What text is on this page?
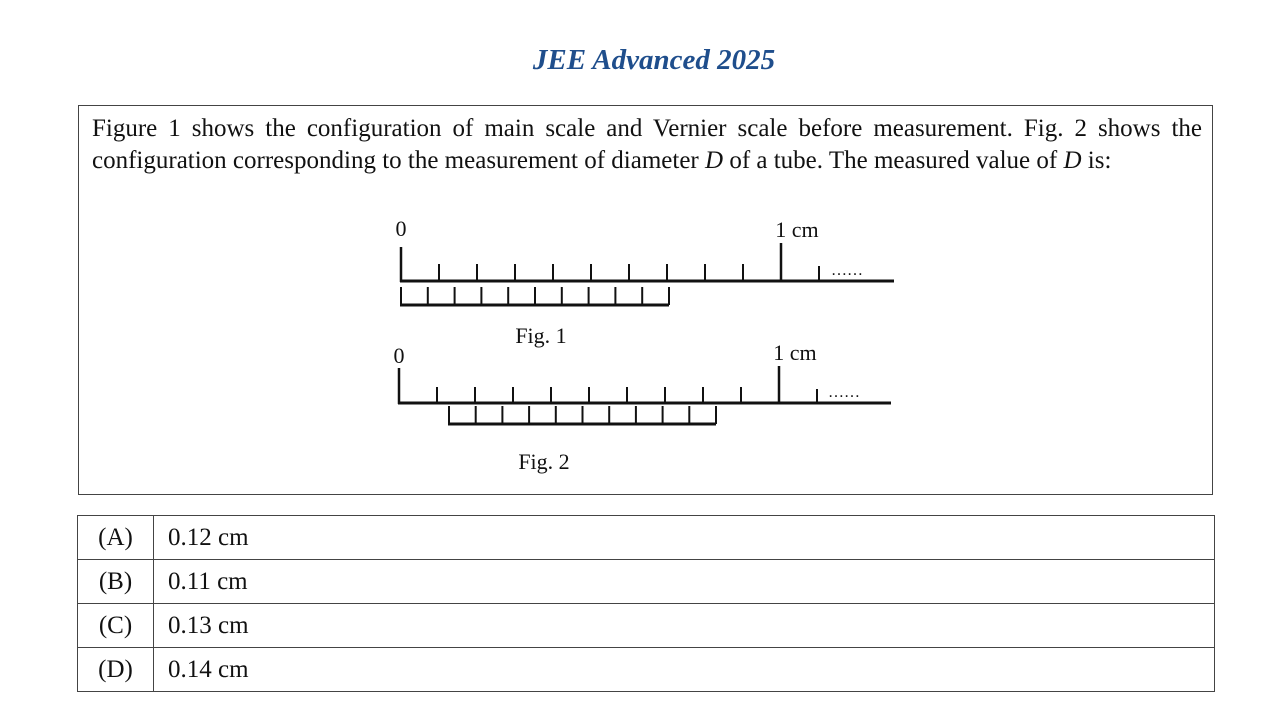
JEE Advanced 2025
Figure 1 shows the configuration of main scale and Vernier scale before measurement. Fig. 2 shows the configuration corresponding to the measurement of diameter D of a tube. The measured value of D is:
0	1 cm
……
Fig. 1
0	1 cm
……
Fig. 2
(A)	0.12 cm
(B)	0.11 cm
(C)	0.13 cm
(D)	0.14 cm
